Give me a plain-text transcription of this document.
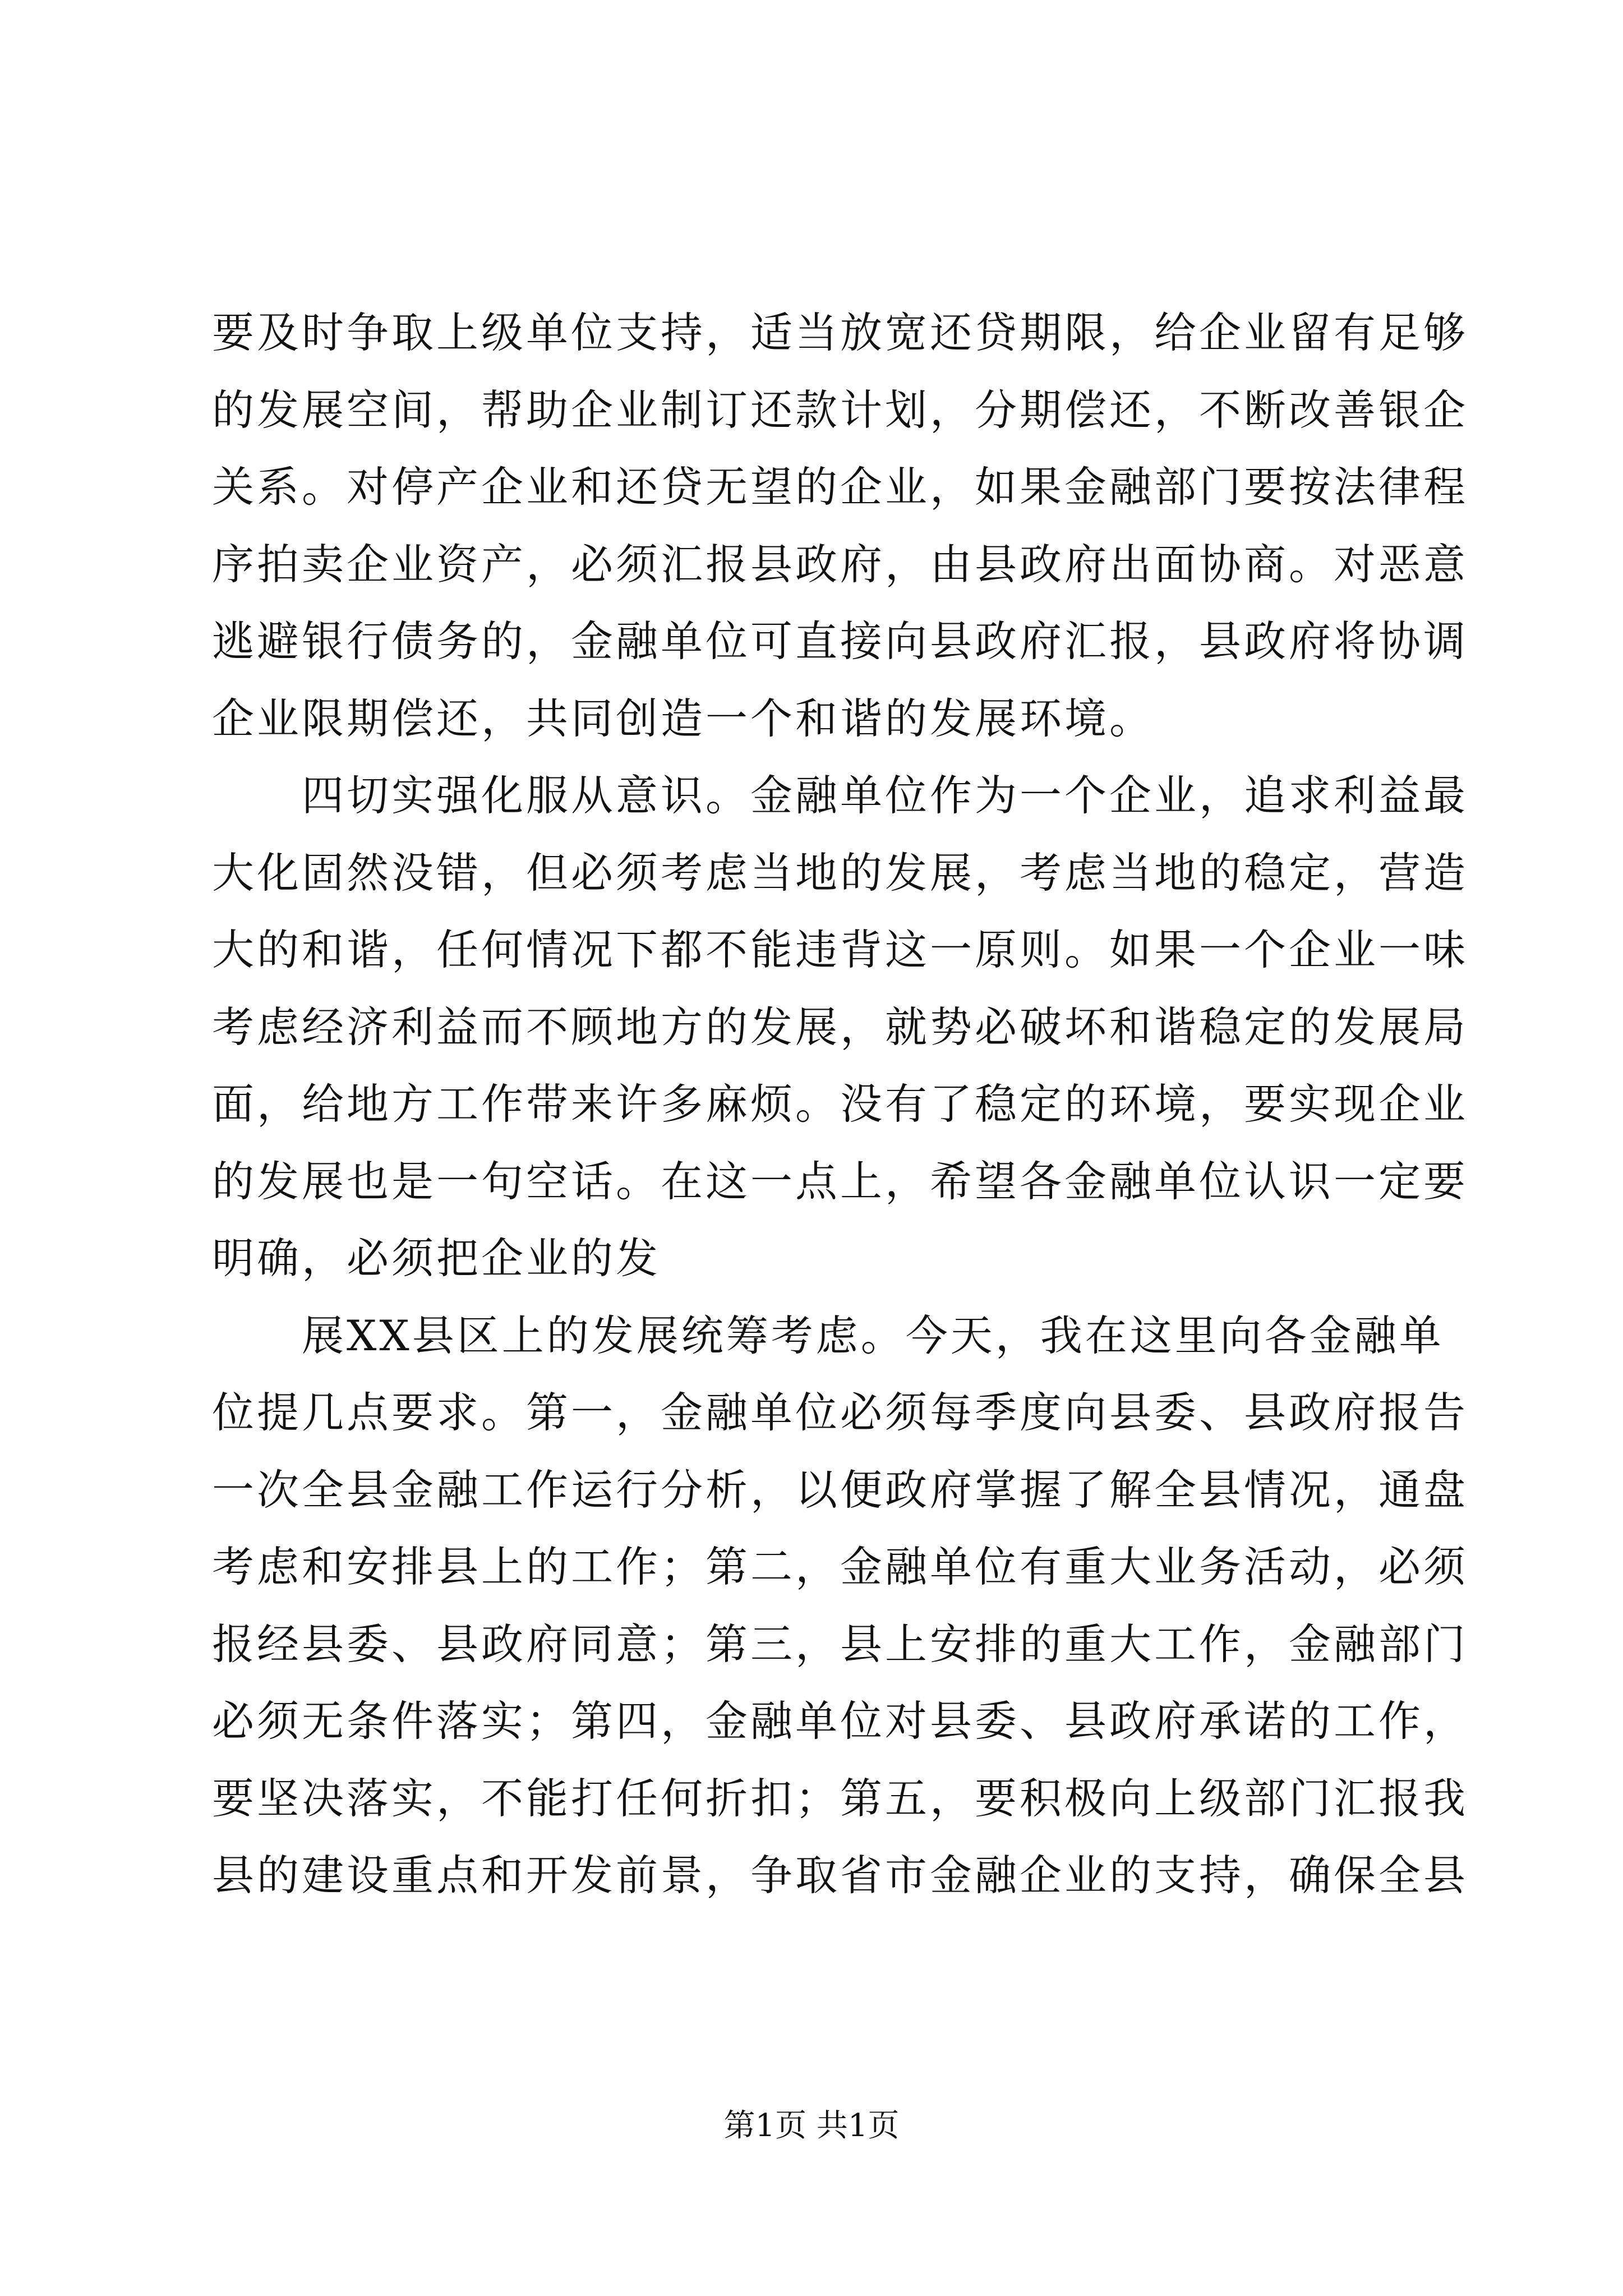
要及时争取上级单位支持，适当放宽还贷期限，给企业留有足够
的发展空间，帮助企业制订还款计划，分期偿还，不断改善银企
关系。对停产企业和还贷无望的企业，如果金融部门要按法律程
序拍卖企业资产，必须汇报县政府，由县政府出面协商。对恶意
逃避银行债务的，金融单位可直接向县政府汇报，县政府将协调
企业限期偿还，共同创造一个和谐的发展环境。
四切实强化服从意识。金融单位作为一个企业，追求利益最
大化固然没错，但必须考虑当地的发展，考虑当地的稳定，营造
大的和谐，任何情况下都不能违背这一原则。如果一个企业一味
考虑经济利益而不顾地方的发展，就势必破坏和谐稳定的发展局
面，给地方工作带来许多麻烦。没有了稳定的环境，要实现企业
的发展也是一句空话。在这一点上，希望各金融单位认识一定要
明确，必须把企业的发
展XX县区上的发展统筹考虑。今天，我在这里向各金融单
位提几点要求。第一，金融单位必须每季度向县委、县政府报告
一次全县金融工作运行分析，以便政府掌握了解全县情况，通盘
考虑和安排县上的工作；第二，金融单位有重大业务活动，必须
报经县委、县政府同意；第三，县上安排的重大工作，金融部门
必须无条件落实；第四，金融单位对县委、县政府承诺的工作，
要坚决落实，不能打任何折扣；第五，要积极向上级部门汇报我
县的建设重点和开发前景，争取省市金融企业的支持，确保全县
第1页 共1页
